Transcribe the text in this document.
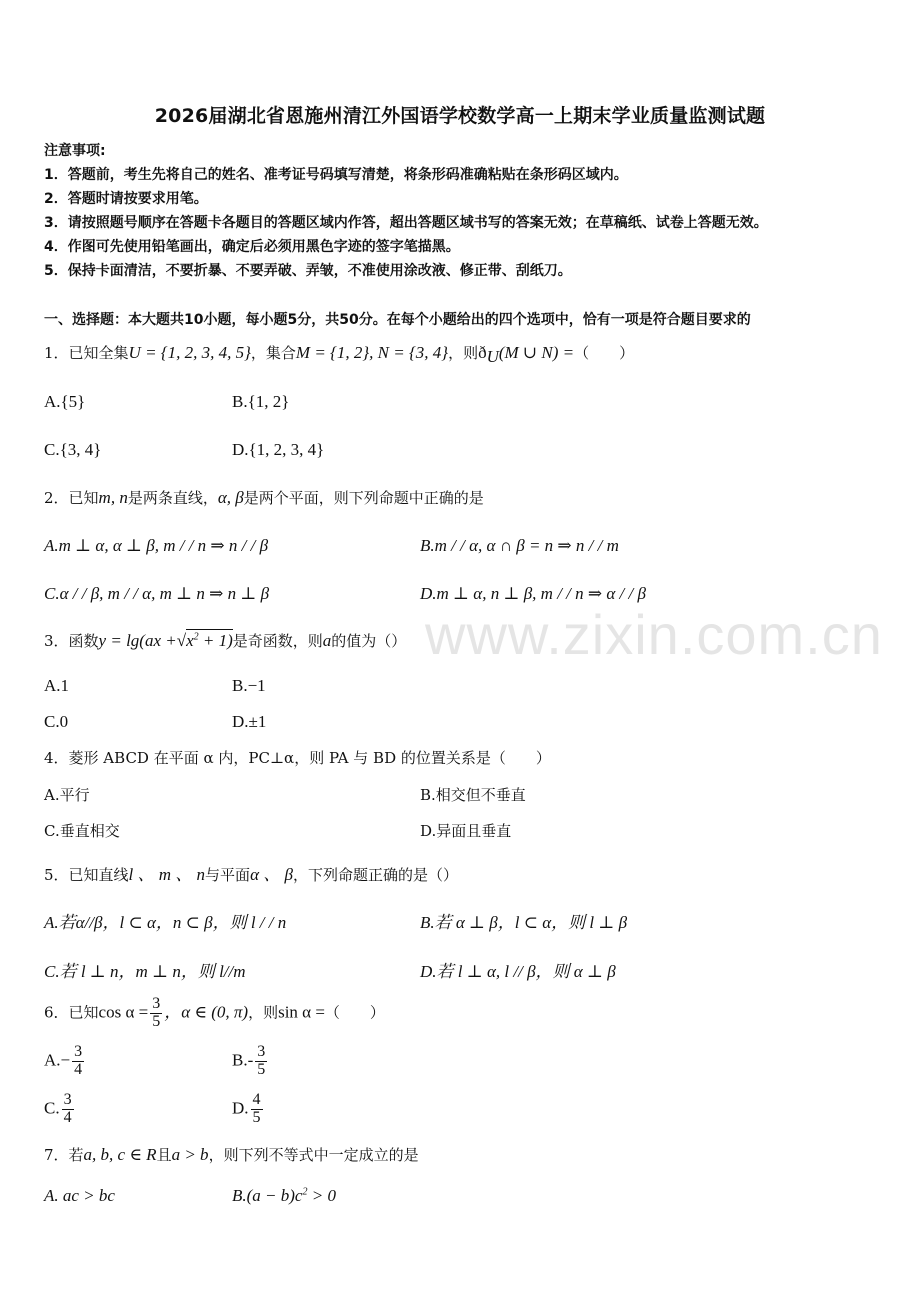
2026届湖北省恩施州清江外国语学校数学高一上期末学业质量监测试题
注意事项:
1．答题前，考生先将自己的姓名、准考证号码填写清楚，将条形码准确粘贴在条形码区域内。
2．答题时请按要求用笔。
3．请按照题号顺序在答题卡各题目的答题区域内作答，超出答题区域书写的答案无效；在草稿纸、试卷上答题无效。
4．作图可先使用铅笔画出，确定后必须用黑色字迹的签字笔描黑。
5．保持卡面清洁，不要折暴、不要弄破、弄皱，不准使用涂改液、修正带、刮纸刀。
一、选择题：本大题共10小题，每小题5分，共50分。在每个小题给出的四个选项中，恰有一项是符合题目要求的
1．已知全集U = {1, 2, 3, 4, 5}，集合M = {1, 2}, N = {3, 4}，则$ð_U(M$ ∪ N) =（　　）
A.{5}	B.{1, 2}
C.{3, 4}	D.{1, 2, 3, 4}
2．已知m, n是两条直线，α, β是两个平面，则下列命题中正确的是
A.m ⊥ α, α ⊥ β, m / / n ⇒ n / / β	B.m / / α, α ∩ β = n ⇒ n / / m
C.α / / β, m / / α, m ⊥ n ⇒ n ⊥ β	D.m ⊥ α, n ⊥ β, m / / n ⇒ α / / β
3．函数$y = \lg(ax +√x^2 + 1)$是奇函数，则a的值为（）
A.1	B.−1
C.0	D.±1
4．菱形 ABCD 在平面 α 内，PC⊥α，则 PA 与 BD 的位置关系是（　　）
A.平行	B.相交但不垂直
C.垂直相交	D.异面且垂直
5．已知直线l 、 m 、 n与平面α 、 β，下列命题正确的是（）
A.若α//β，l ⊂ α，n ⊂ β，则 l / / n	B.若 α ⊥ β，l ⊂ α，则 l ⊥ β
C.若 l ⊥ n，m ⊥ n，则 l//m	D.若 l ⊥ α, l // β，则 α ⊥ β
6．已知$\cos \alpha = \frac{3}{5}$ ，α ∈ (0, π)，则sin α =（　　）
$A.- \frac{3}{4}$	$B.- \frac{3}{5}$
C. $\frac{3}{4}$	D. $\frac{4}{5}$
7．若a, b, c ∈ R且a > b，则下列不等式中一定成立的是
A. ac > bc	$B.(a - b)c^2 > 0$
www.zixin.com.cn
